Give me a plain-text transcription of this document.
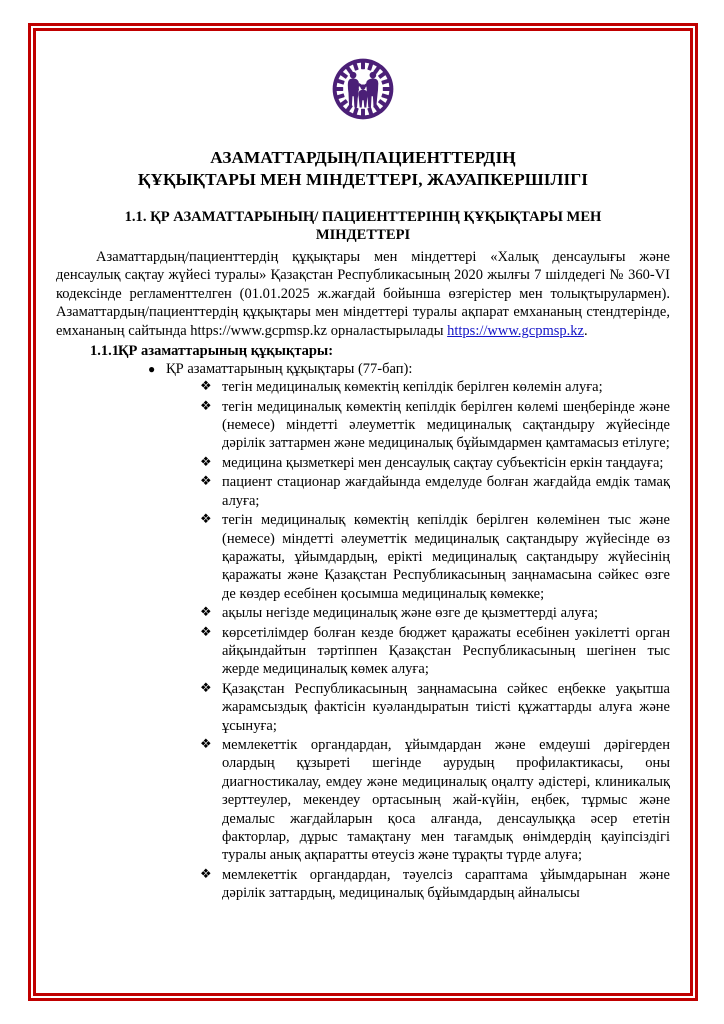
АЗАМАТТАРДЫҢ/ПАЦИЕНТТЕРДІҢ
ҚҰҚЫҚТАРЫ МЕН МІНДЕТТЕРІ, ЖАУАПКЕРШІЛІГІ
1.1. ҚР АЗАМАТТАРЫНЫҢ/ ПАЦИЕНТТЕРІНІҢ ҚҰҚЫҚТАРЫ МЕН
МІНДЕТТЕРІ

Азаматтардың/пациенттердің құқықтары мен міндеттері «Халық денсаулығы және денсаулық сақтау жүйесі туралы» Қазақстан Республикасының 2020 жылғы 7 шілдедегі № 360-VI кодексінде регламенттелген (01.01.2025 ж.жағдай бойынша өзгерістер мен толықтырулармен). Азаматтардың/пациенттердің құқықтары мен міндеттері туралы ақпарат емхананың стендтерінде, емхананың сайтында https://www.gcpmsp.kz орналастырылады https://www.gcpmsp.kz.

1.1.1.
ҚР азаматтарының құқықтары:
● ҚР азаматтарының құқықтары (77-бап):
❖ тегін медициналық көмектің кепілдік берілген көлемін алуға;
❖ тегін медициналық көмектің кепілдік берілген көлемі шеңберінде және (немесе) міндетті әлеуметтік медициналық сақтандыру жүйесінде дәрілік заттармен және медициналық бұйымдармен қамтамасыз етілуге;
❖ медицина қызметкері мен денсаулық сақтау субъектісін еркін таңдауға;
❖ пациент стационар жағдайында емделуде болған жағдайда емдік тамақ алуға;
❖ тегін медициналық көмектің кепілдік берілген көлемінен тыс және (немесе) міндетті әлеуметтік медициналық сақтандыру жүйесінде өз қаражаты, ұйымдардың, ерікті медициналық сақтандыру жүйесінің қаражаты және Қазақстан Республикасының заңнамасына сәйкес өзге де көздер есебінен қосымша медициналық көмекке;
❖ ақылы негізде медициналық және өзге де қызметтерді алуға;
❖ көрсетілімдер болған кезде бюджет қаражаты есебінен уәкілетті орган айқындайтын тәртіппен Қазақстан Республикасының шегінен тыс жерде медициналық көмек алуға;
❖ Қазақстан Республикасының заңнамасына сәйкес еңбекке уақытша жарамсыздық фактісін куәландыратын тиісті құжаттарды алуға және ұсынуға;
❖ мемлекеттік органдардан, ұйымдардан және емдеуші дәрігерден олардың құзыреті шегінде аурудың профилактикасы, оны диагностикалау, емдеу және медициналық оңалту әдістері, клиникалық зерттеулер, мекендеу ортасының жай-күйін, еңбек, тұрмыс және демалыс жағдайларын қоса алғанда, денсаулыққа әсер ететін факторлар, дұрыс тамақтану мен тағамдық өнімдердің қауіпсіздігі туралы анық ақпаратты өтеусіз және тұрақты түрде алуға;
❖ мемлекеттік органдардан, тәуелсіз сараптама ұйымдарынан және дәрілік заттардың, медициналық бұйымдардың айналысы
